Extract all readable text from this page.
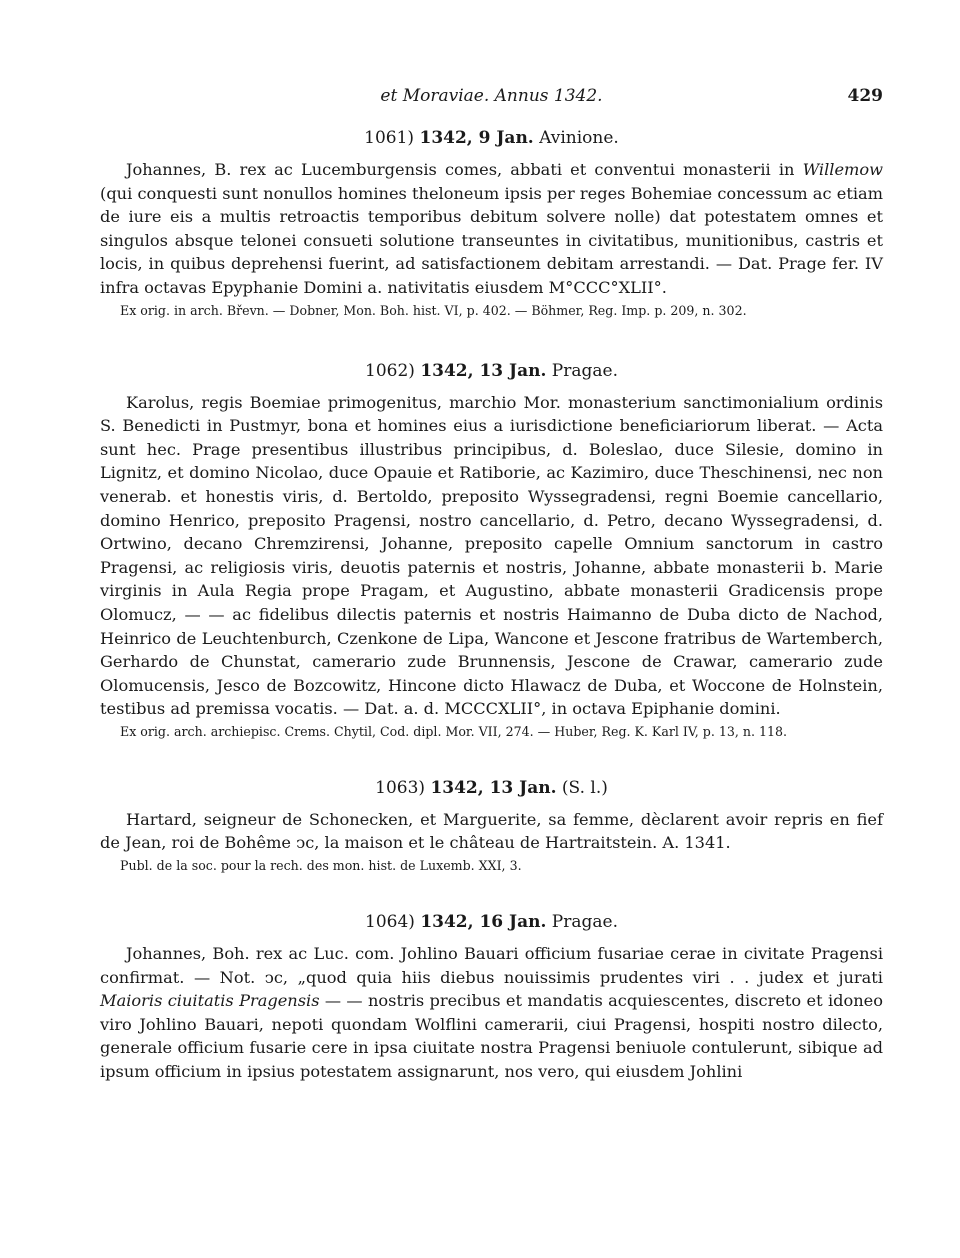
et Moraviae. Annus 1342.	429
1061) 1342, 9 Jan. Avinione.

Johannes, B. rex ac Lucemburgensis comes, abbati et conventui monasterii in Willemow (qui conquesti sunt nonullos homines theloneum ipsis per reges Bohemiae concessum ac etiam de iure eis a multis retroactis temporibus debitum solvere nolle) dat potestatem omnes et singulos absque telonei consueti solutione transeuntes in civitatibus, munitionibus, castris et locis, in quibus deprehensi fuerint, ad satisfactionem debitam arrestandi. — Dat. Prage fer. IV infra octavas Epyphanie Domini a. nativitatis eiusdem M°CCC°XLII°.

Ex orig. in arch. Břevn. — Dobner, Mon. Boh. hist. VI, p. 402. — Böhmer, Reg. Imp. p. 209, n. 302.

1062) 1342, 13 Jan. Pragae.

Karolus, regis Boemiae primogenitus, marchio Mor. monasterium sanctimonialium ordinis S. Benedicti in Pustmyr, bona et homines eius a iurisdictione beneficiariorum liberat. — Acta sunt hec. Prage presentibus illustribus principibus, d. Boleslao, duce Silesie, domino in Lignitz, et domino Nicolao, duce Opauie et Ratiborie, ac Kazimiro, duce Theschinensi, nec non venerab. et honestis viris, d. Bertoldo, preposito Wyssegradensi, regni Boemie cancellario, domino Henrico, preposito Pragensi, nostro cancellario, d. Petro, decano Wyssegradensi, d. Ortwino, decano Chremzirensi, Johanne, preposito capelle Omnium sanctorum in castro Pragensi, ac religiosis viris, deuotis paternis et nostris, Johanne, abbate monasterii b. Marie virginis in Aula Regia prope Pragam, et Augustino, abbate monasterii Gradicensis prope Olomucz, — — ac fidelibus dilectis paternis et nostris Haimanno de Duba dicto de Nachod, Heinrico de Leuchtenburch, Czenkone de Lipa, Wancone et Jescone fratribus de Wartemberch, Gerhardo de Chunstat, camerario zude Brunnensis, Jescone de Crawar, camerario zude Olomucensis, Jesco de Bozcowitz, Hincone dicto Hlawacz de Duba, et Woccone de Holnstein, testibus ad premissa vocatis. — Dat. a. d. MCCCXLII°, in octava Epiphanie domini.

Ex orig. arch. archiepisc. Crems. Chytil, Cod. dipl. Mor. VII, 274. — Huber, Reg. K. Karl IV, p. 13, n. 118.

1063) 1342, 13 Jan. (S. l.)

Hartard, seigneur de Schonecken, et Marguerite, sa femme, dèclarent avoir repris en fief de Jean, roi de Bohême ͻc, la maison et le château de Hartraitstein. A. 1341.

Publ. de la soc. pour la rech. des mon. hist. de Luxemb. XXI, 3.

1064) 1342, 16 Jan. Pragae.

Johannes, Boh. rex ac Luc. com. Johlino Bauari officium fusariae cerae in civitate Pragensi confirmat. — Not. ͻc, „quod quia hiis diebus nouissimis prudentes viri . . judex et jurati Maioris ciuitatis Pragensis — — nostris precibus et mandatis acquiescentes, discreto et idoneo viro Johlino Bauari, nepoti quondam Wolflini camerarii, ciui Pragensi, hospiti nostro dilecto, generale officium fusarie cere in ipsa ciuitate nostra Pragensi beniuole contulerunt, sibique ad ipsum officium in ipsius potestatem assignarunt, nos vero, qui eiusdem Johlini
